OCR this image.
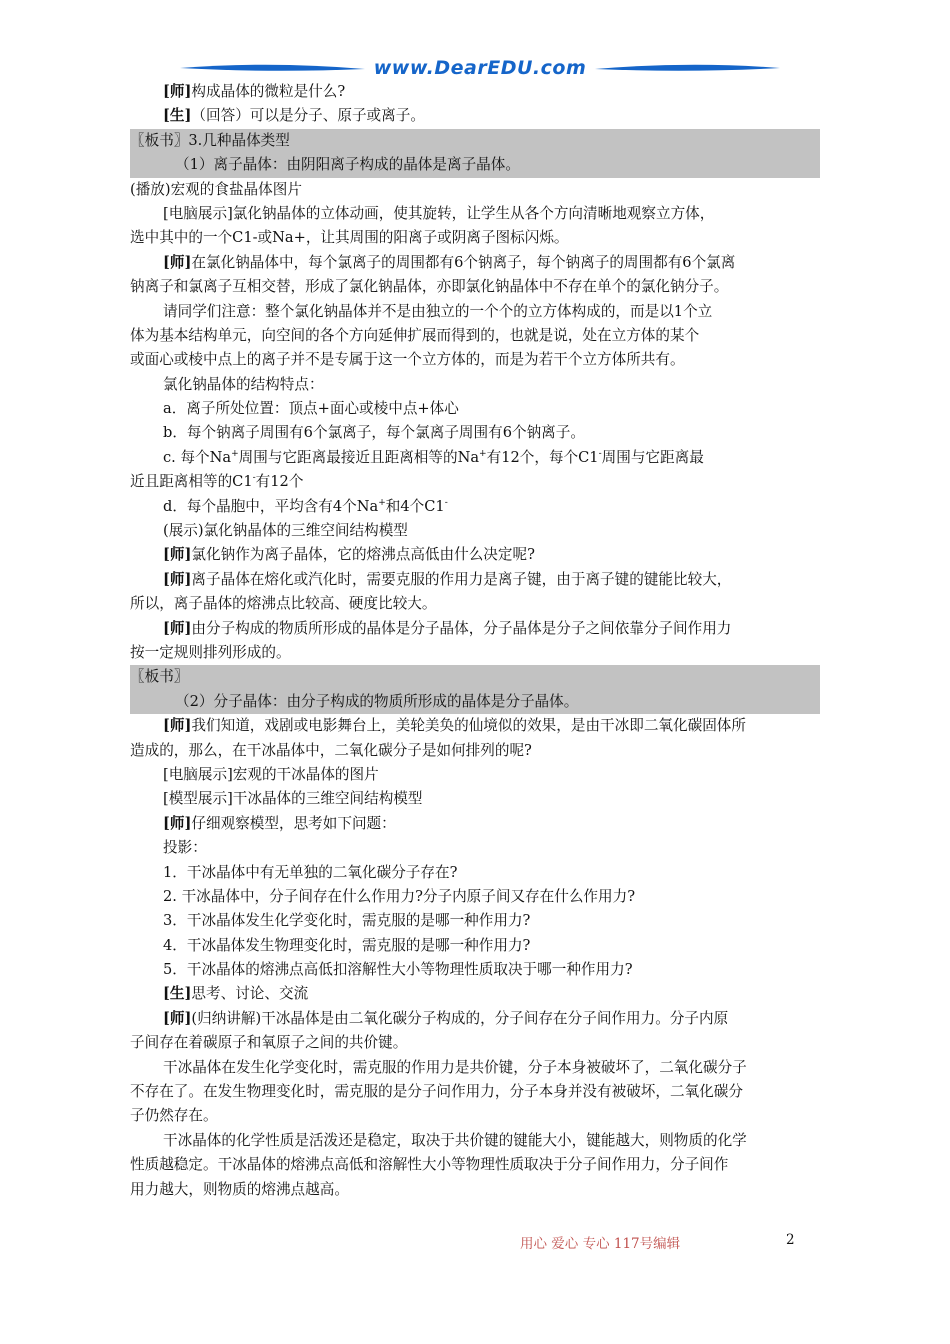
www.DearEDU.com
[师]构成晶体的微粒是什么?
[生]（回答）可以是分子、原子或离子。
〖板书〗3.几种晶体类型
（1）离子晶体：由阴阳离子构成的晶体是离子晶体。
(播放)宏观的食盐晶体图片
[电脑展示]氯化钠晶体的立体动画，使其旋转，让学生从各个方向清晰地观察立方体，
选中其中的一个C1-或Na+，让其周围的阳离子或阴离子图标闪烁。
[师]在氯化钠晶体中，每个氯离子的周围都有6个钠离子，每个钠离子的周围都有6个氯离
钠离子和氯离子互相交替，形成了氯化钠晶体，亦即氯化钠晶体中不存在单个的氯化钠分子。
请同学们注意：整个氯化钠晶体并不是由独立的一个个的立方体构成的，而是以1个立
体为基本结构单元，向空间的各个方向延伸扩展而得到的，也就是说，处在立方体的某个
或面心或棱中点上的离子并不是专属于这一个立方体的，而是为若干个立方体所共有。
氯化钠晶体的结构特点：
a．离子所处位置：顶点+面心或棱中点+体心
b．每个钠离子周围有6个氯离子，每个氯离子周围有6个钠离子。
c. 每个Na+周围与它距离最接近且距离相等的Na+有12个，每个C1-周围与它距离最
近且距离相等的C1-有12个
d．每个晶胞中，平均含有4个Na+和4个C1-
(展示)氯化钠晶体的三维空间结构模型
[师]氯化钠作为离子晶体，它的熔沸点高低由什么决定呢?
[师]离子晶体在熔化或汽化时，需要克服的作用力是离子键，由于离子键的键能比较大，
所以，离子晶体的熔沸点比较高、硬度比较大。
[师]由分子构成的物质所形成的晶体是分子晶体，分子晶体是分子之间依靠分子间作用力
按一定规则排列形成的。
〖板书〗
（2）分子晶体：由分子构成的物质所形成的晶体是分子晶体。
[师]我们知道，戏剧或电影舞台上，美轮美奂的仙境似的效果，是由干冰即二氧化碳固体所
造成的，那么，在干冰晶体中，二氧化碳分子是如何排列的呢?
[电脑展示]宏观的干冰晶体的图片
[模型展示]干冰晶体的三维空间结构模型
[师]仔细观察模型，思考如下问题：
投影：
1．干冰晶体中有无单独的二氧化碳分子存在?
2. 干冰晶体中，分子间存在什么作用力?分子内原子间又存在什么作用力?
3．干冰晶体发生化学变化时，需克服的是哪一种作用力?
4．干冰晶体发生物理变化时，需克服的是哪一种作用力?
5．干冰晶体的熔沸点高低扣溶解性大小等物理性质取决于哪一种作用力?
[生]思考、讨论、交流
[师](归纳讲解)干冰晶体是由二氧化碳分子构成的，分子间存在分子间作用力。分子内原
子间存在着碳原子和氧原子之间的共价键。
干冰晶体在发生化学变化时，需克服的作用力是共价键，分子本身被破坏了，二氧化碳分子
不存在了。在发生物理变化时，需克服的是分子问作用力，分子本身并没有被破坏，二氧化碳分
子仍然存在。
干冰晶体的化学性质是活泼还是稳定，取决于共价键的键能大小，键能越大，则物质的化学
性质越稳定。干冰晶体的熔沸点高低和溶解性大小等物理性质取决于分子间作用力，分子间作
用力越大，则物质的熔沸点越高。
用心 爱心 专心 117号编辑	2
